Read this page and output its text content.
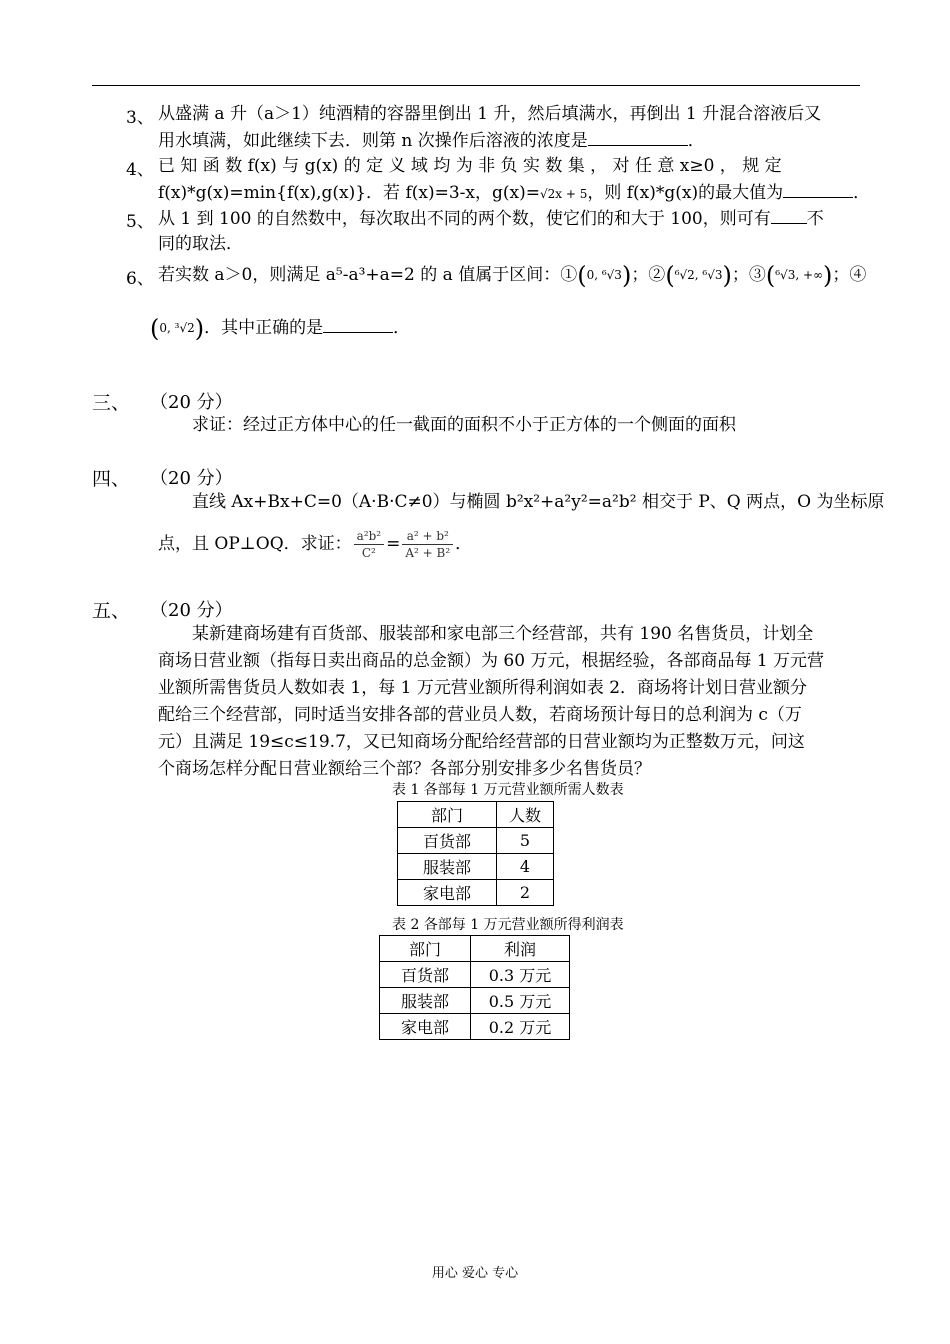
3、 从盛满 a 升（a＞1）纯酒精的容器里倒出 1 升，然后填满水，再倒出 1 升混合溶液后又
用水填满，如此继续下去．则第 n 次操作后溶液的浓度是	．
4、 已 知 函 数 f(x) 与 g(x) 的 定 义 域 均 为 非 负 实 数 集 ， 对 任 意 x≥0 ， 规 定
f(x)*g(x)=min{f(x),g(x)}．若 f(x)=3-x，g(x)=√2x + 5，则 f(x)*g(x)的最大值为	．
5、 从 1 到 100 的自然数中，每次取出不同的两个数，使它们的和大于 100，则可有 不
同的取法．
6、 若实数 a＞0，则满足 a⁵-a³+a=2 的 a 值属于区间：①(0, ⁶√3)；②(⁶√2, ⁶√3)；③(⁶√3, +∞)；④
(0, ³√2)．其中正确的是	．
三、 （20 分）
求证：经过正方体中心的任一截面的面积不小于正方体的一个侧面的面积
四、 （20 分）
直线 Ax+Bx+C=0（A·B·C≠0）与椭圆 b²x²+a²y²=a²b² 相交于 P、Q 两点，O 为坐标原
点，且 OP⊥OQ．求证： $\frac{\text{a²b²}}{\text{C²}} = \frac{\text{a² + b²}}{\text{A² + B²}}$ ．
五、 （20 分）
某新建商场建有百货部、服装部和家电部三个经营部，共有 190 名售货员，计划全
商场日营业额（指每日卖出商品的总金额）为 60 万元，根据经验，各部商品每 1 万元营
业额所需售货员人数如表 1，每 1 万元营业额所得利润如表 2．商场将计划日营业额分
配给三个经营部，同时适当安排各部的营业员人数，若商场预计每日的总利润为 c（万
元）且满足 19≤c≤19.7，又已知商场分配给经营部的日营业额均为正整数万元，问这
个商场怎样分配日营业额给三个部？各部分别安排多少名售货员？
表 1 各部每 1 万元营业额所需人数表
部门	人数
百货部	5
服装部	4
家电部	2
表 2 各部每 1 万元营业额所得利润表
部门	利润
百货部	0.3 万元
服装部	0.5 万元
家电部	0.2 万元
用心 爱心 专心
